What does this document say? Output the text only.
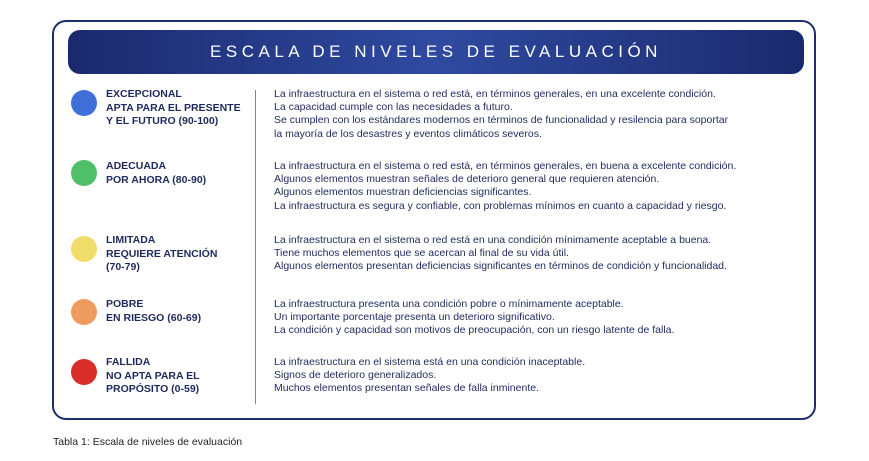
ESCALA DE NIVELES DE EVALUACIÓN
EXCEPCIONAL
APTA PARA EL PRESENTE
Y EL FUTURO (90-100)
La infraestructura en el sistema o red está, en términos generales, en una excelente condición.
La capacidad cumple con las necesidades a futuro.
Se cumplen con los estándares modernos en términos de funcionalidad y resilencia para soportar
la mayoría de los desastres y eventos climáticos severos.
ADECUADA
POR AHORA (80-90)
La infraestructura en el sistema o red está, en términos generales, en buena a excelente condición.
Algunos elementos muestran señales de deterioro general que requieren atención.
Algunos elementos muestran deficiencias significantes.
La infraestructura es segura y confiable, con problemas mínimos en cuanto a capacidad y riesgo.
LIMITADA
REQUIERE ATENCIÓN
(70-79)
La infraestructura en el sistema o red está en una condición mínimamente aceptable a buena.
Tiene muchos elementos que se acercan al final de su vida útil.
Algunos elementos presentan deficiencias significantes en términos de condición y funcionalidad.
POBRE
EN RIESGO (60-69)
La infraestructura presenta una condición pobre o mínimamente aceptable.
Un importante porcentaje presenta un deterioro significativo.
La condición y capacidad son motivos de preocupación, con un riesgo latente de falla.
FALLIDA
NO APTA PARA EL
PROPÓSITO (0-59)
La infraestructura en el sistema está en una condición inaceptable.
Signos de deterioro generalizados.
Muchos elementos presentan señales de falla inminente.
Tabla 1: Escala de niveles de evaluación
